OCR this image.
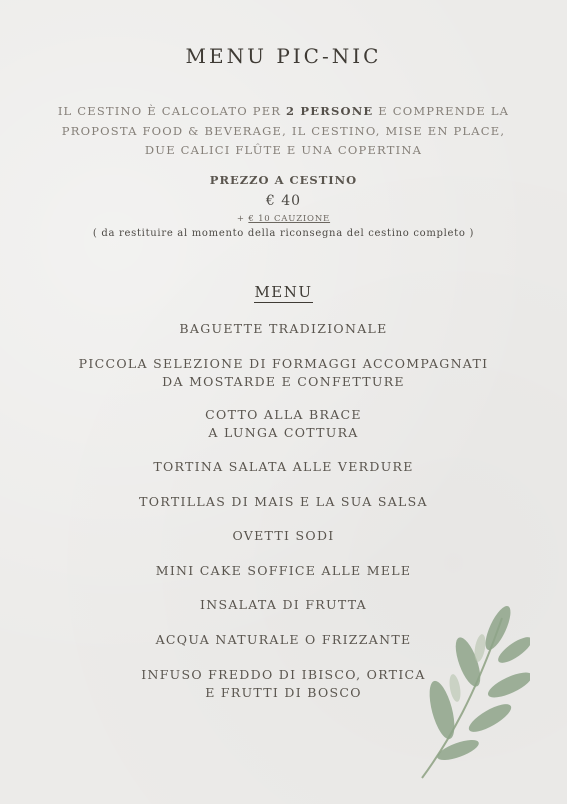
MENU PIC-NIC
IL CESTINO È CALCOLATO PER 2 PERSONE E COMPRENDE LA
PROPOSTA FOOD & BEVERAGE, IL CESTINO, MISE EN PLACE,
DUE CALICI FLÛTE E UNA COPERTINA
PREZZO A CESTINO
€ 40
+ € 10 CAUZIONE
( da restituire al momento della riconsegna del cestino completo )
MENU
BAGUETTE TRADIZIONALE
PICCOLA SELEZIONE DI FORMAGGI ACCOMPAGNATI
DA MOSTARDE E CONFETTURE
COTTO ALLA BRACE
A LUNGA COTTURA
TORTINA SALATA ALLE VERDURE
TORTILLAS DI MAIS E LA SUA SALSA
OVETTI SODI
MINI CAKE SOFFICE ALLE MELE
INSALATA DI FRUTTA
ACQUA NATURALE O FRIZZANTE
INFUSO FREDDO DI IBISCO, ORTICA
E FRUTTI DI BOSCO
